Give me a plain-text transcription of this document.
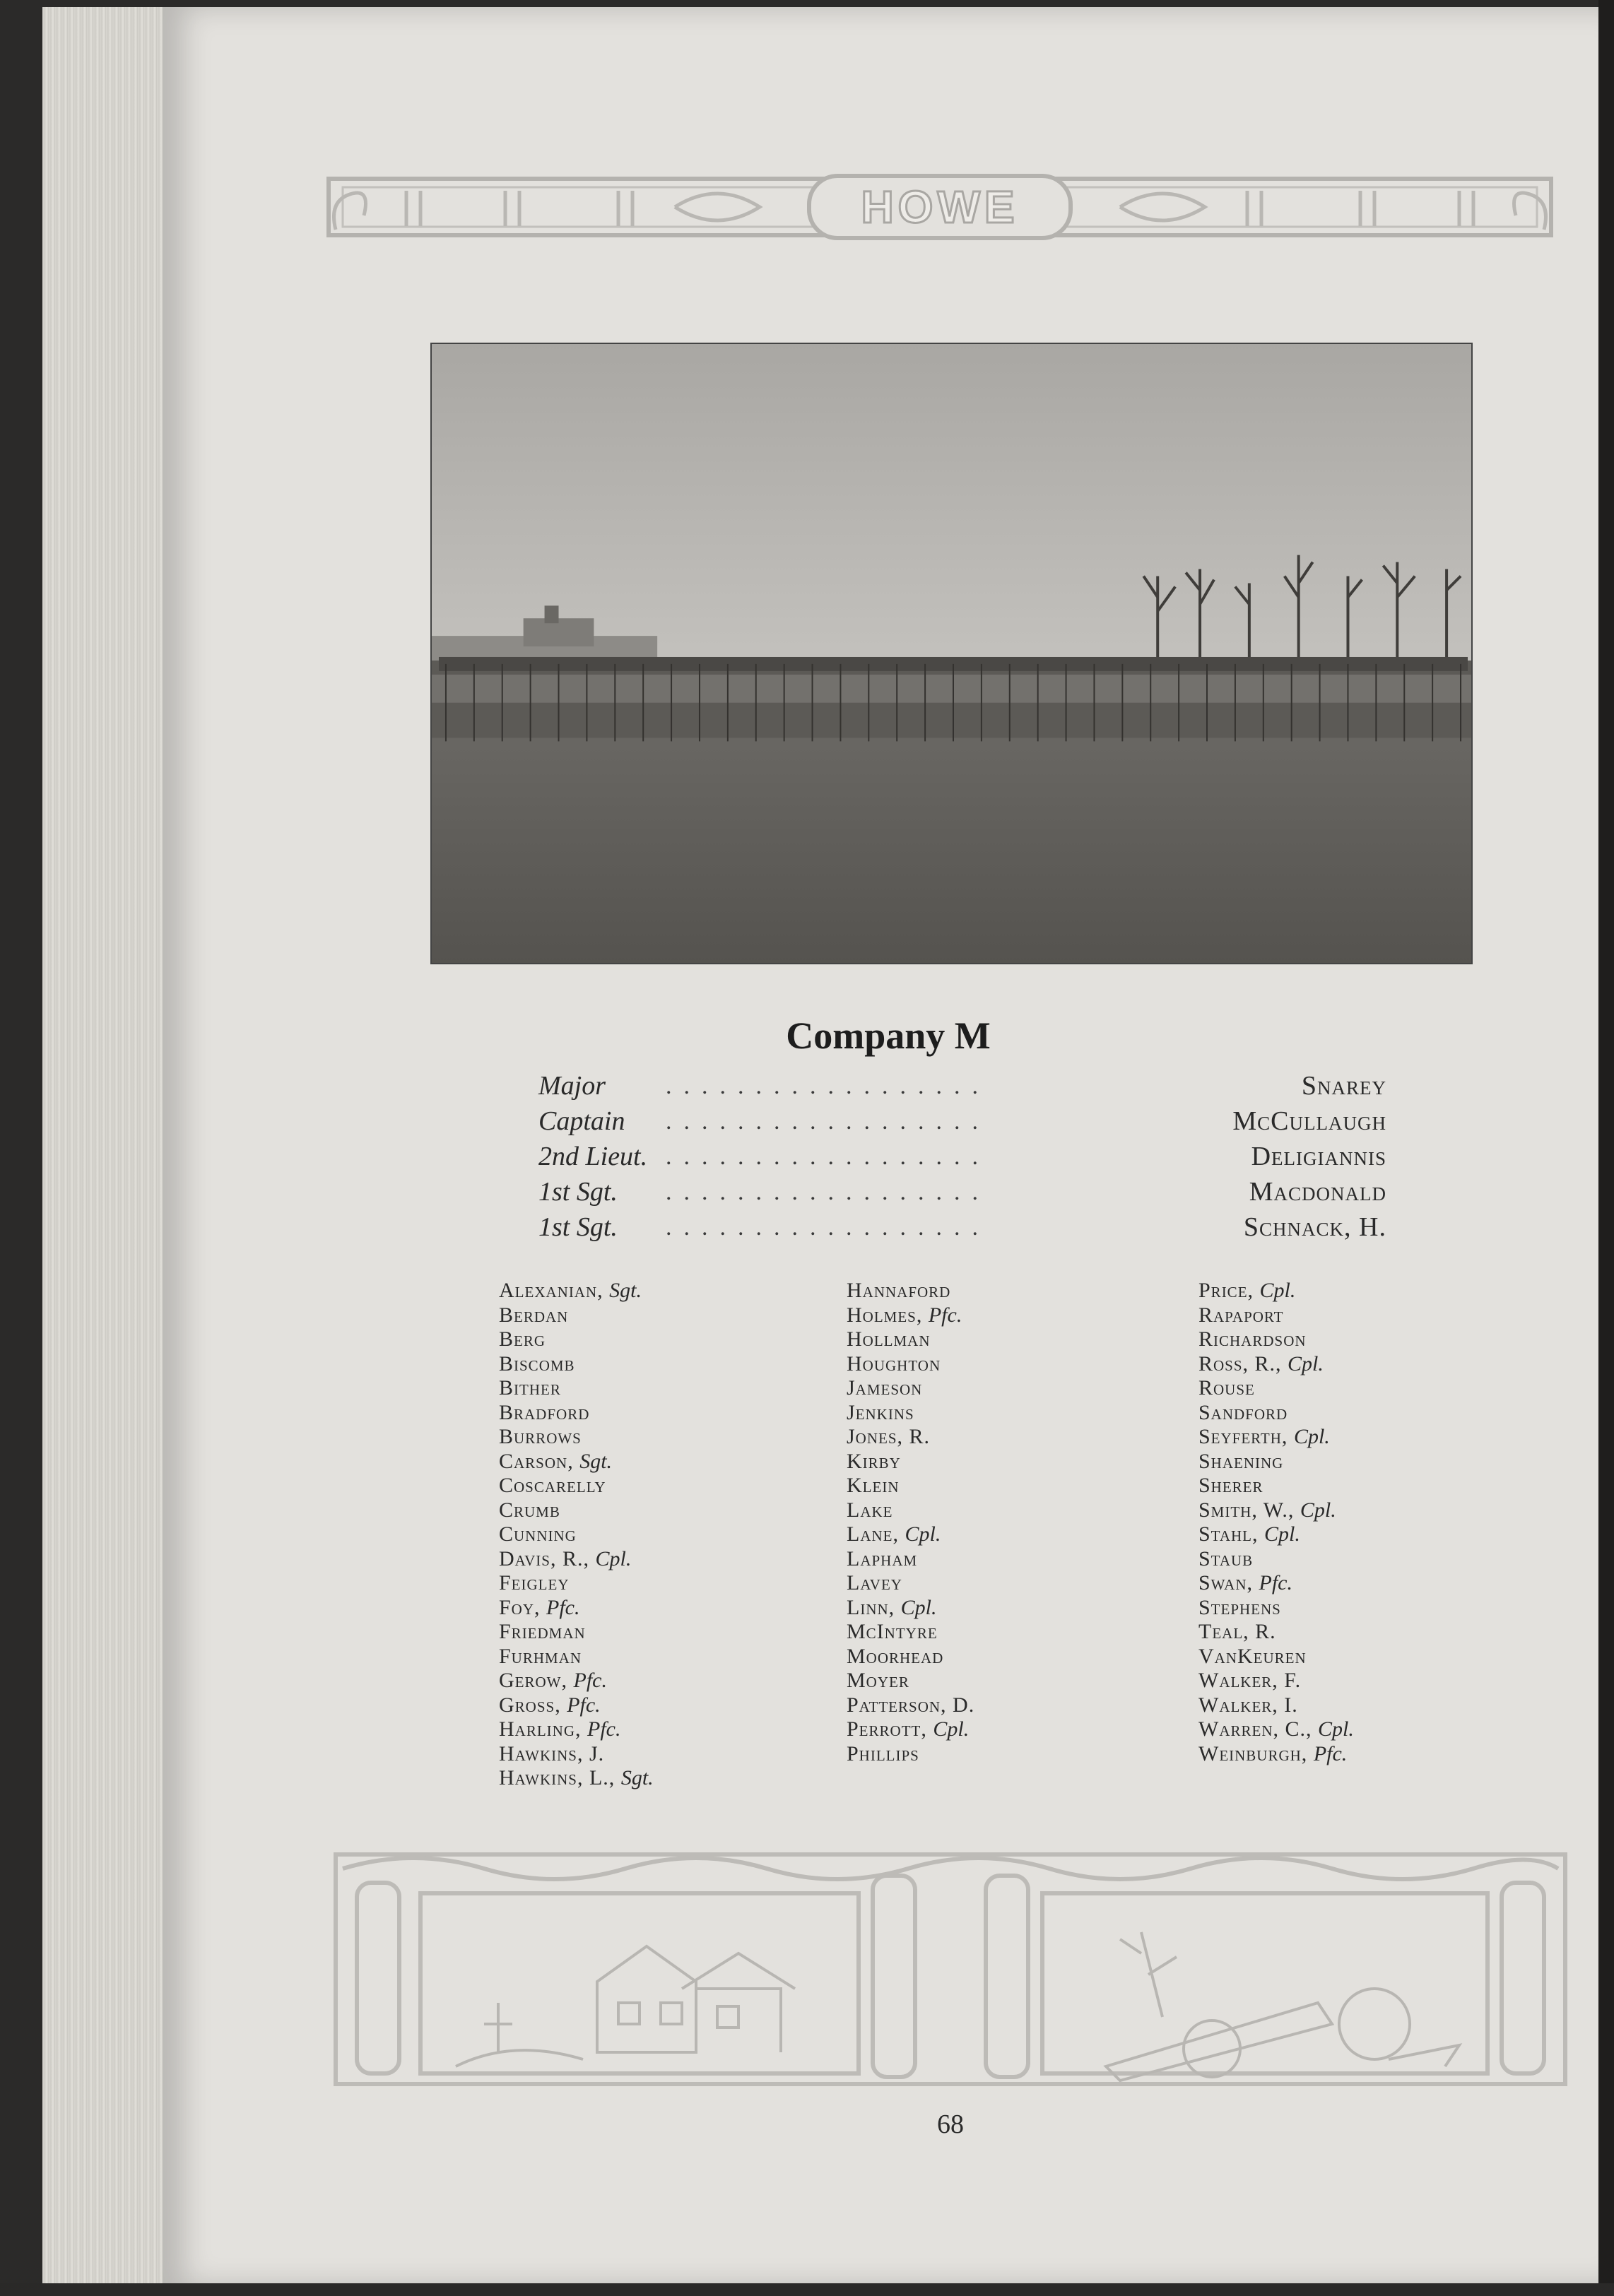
HOWE
Company M
Major	..................	Snarey
Captain ..................	McCullaugh
2nd Lieut. ..................	Deligiannis
1st Sgt. ..................	Macdonald
1st Sgt. ..................	Schnack, H.
Alexanian, Sgt.
Berdan
Berg
Biscomb
Bither
Bradford
Burrows
Carson, Sgt.
Coscarelly
Crumb
Cunning
Davis, R., Cpl.
Feigley
Foy, Pfc.
Friedman
Furhman
Gerow, Pfc.
Gross, Pfc.
Harling, Pfc.
Hawkins, J.
Hawkins, L., Sgt.
Hannaford
Holmes, Pfc.
Hollman
Houghton
Jameson
Jenkins
Jones, R.
Kirby
Klein
Lake
Lane, Cpl.
Lapham
Lavey
Linn, Cpl.
McIntyre
Moorhead
Moyer
Patterson, D.
Perrott, Cpl.
Phillips
Price, Cpl.
Rapaport
Richardson
Ross, R., Cpl.
Rouse
Sandford
Seyferth, Cpl.
Shaening
Sherer
Smith, W., Cpl.
Stahl, Cpl.
Staub
Swan, Pfc.
Stephens
Teal, R.
VanKeuren
Walker, F.
Walker, I.
Warren, C., Cpl.
Weinburgh, Pfc.
68
